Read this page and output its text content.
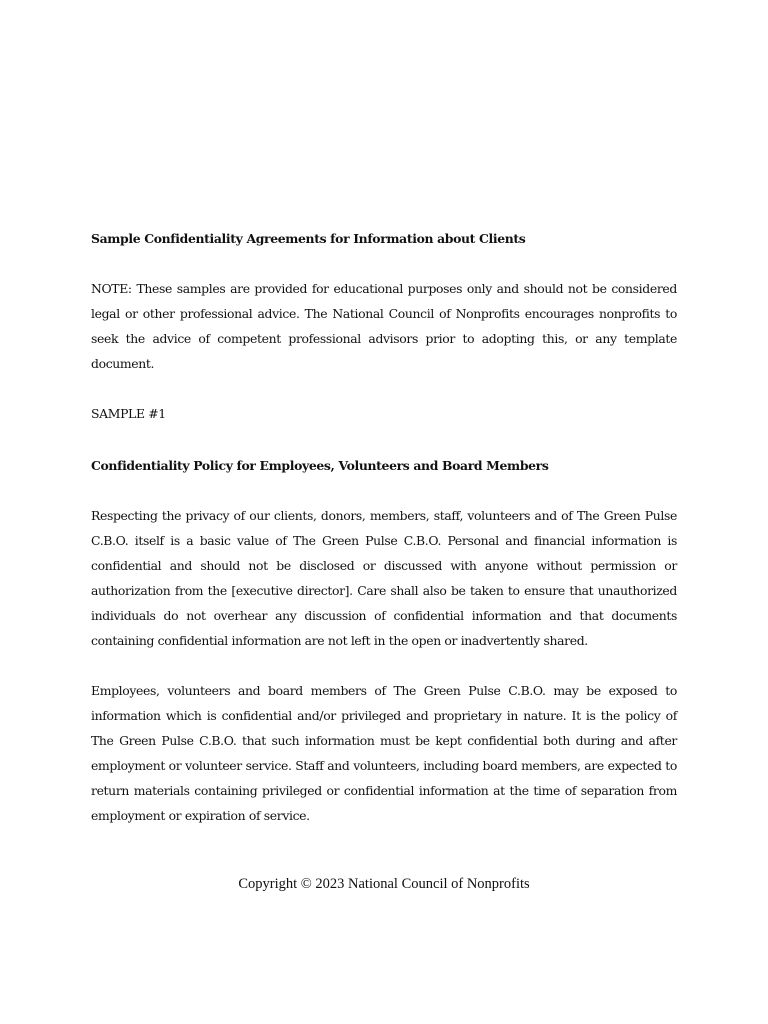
Sample Confidentiality Agreements for Information about Clients

NOTE: These samples are provided for educational purposes only and should not be considered legal or other professional advice. The National Council of Nonprofits encourages nonprofits to seek the advice of competent professional advisors prior to adopting this, or any template document.

SAMPLE #1

Confidentiality Policy for Employees, Volunteers and Board Members

Respecting the privacy of our clients, donors, members, staff, volunteers and of The Green Pulse C.B.O. itself is a basic value of The Green Pulse C.B.O. Personal and financial information is confidential and should not be disclosed or discussed with anyone without permission or authorization from the [executive director]. Care shall also be taken to ensure that unauthorized individuals do not overhear any discussion of confidential information and that documents containing confidential information are not left in the open or inadvertently shared.

Employees, volunteers and board members of The Green Pulse C.B.O. may be exposed to information which is confidential and/or privileged and proprietary in nature. It is the policy of The Green Pulse C.B.O. that such information must be kept confidential both during and after employment or volunteer service. Staff and volunteers, including board members, are expected to return materials containing privileged or confidential information at the time of separation from employment or expiration of service.

Copyright © 2023 National Council of Nonprofits
